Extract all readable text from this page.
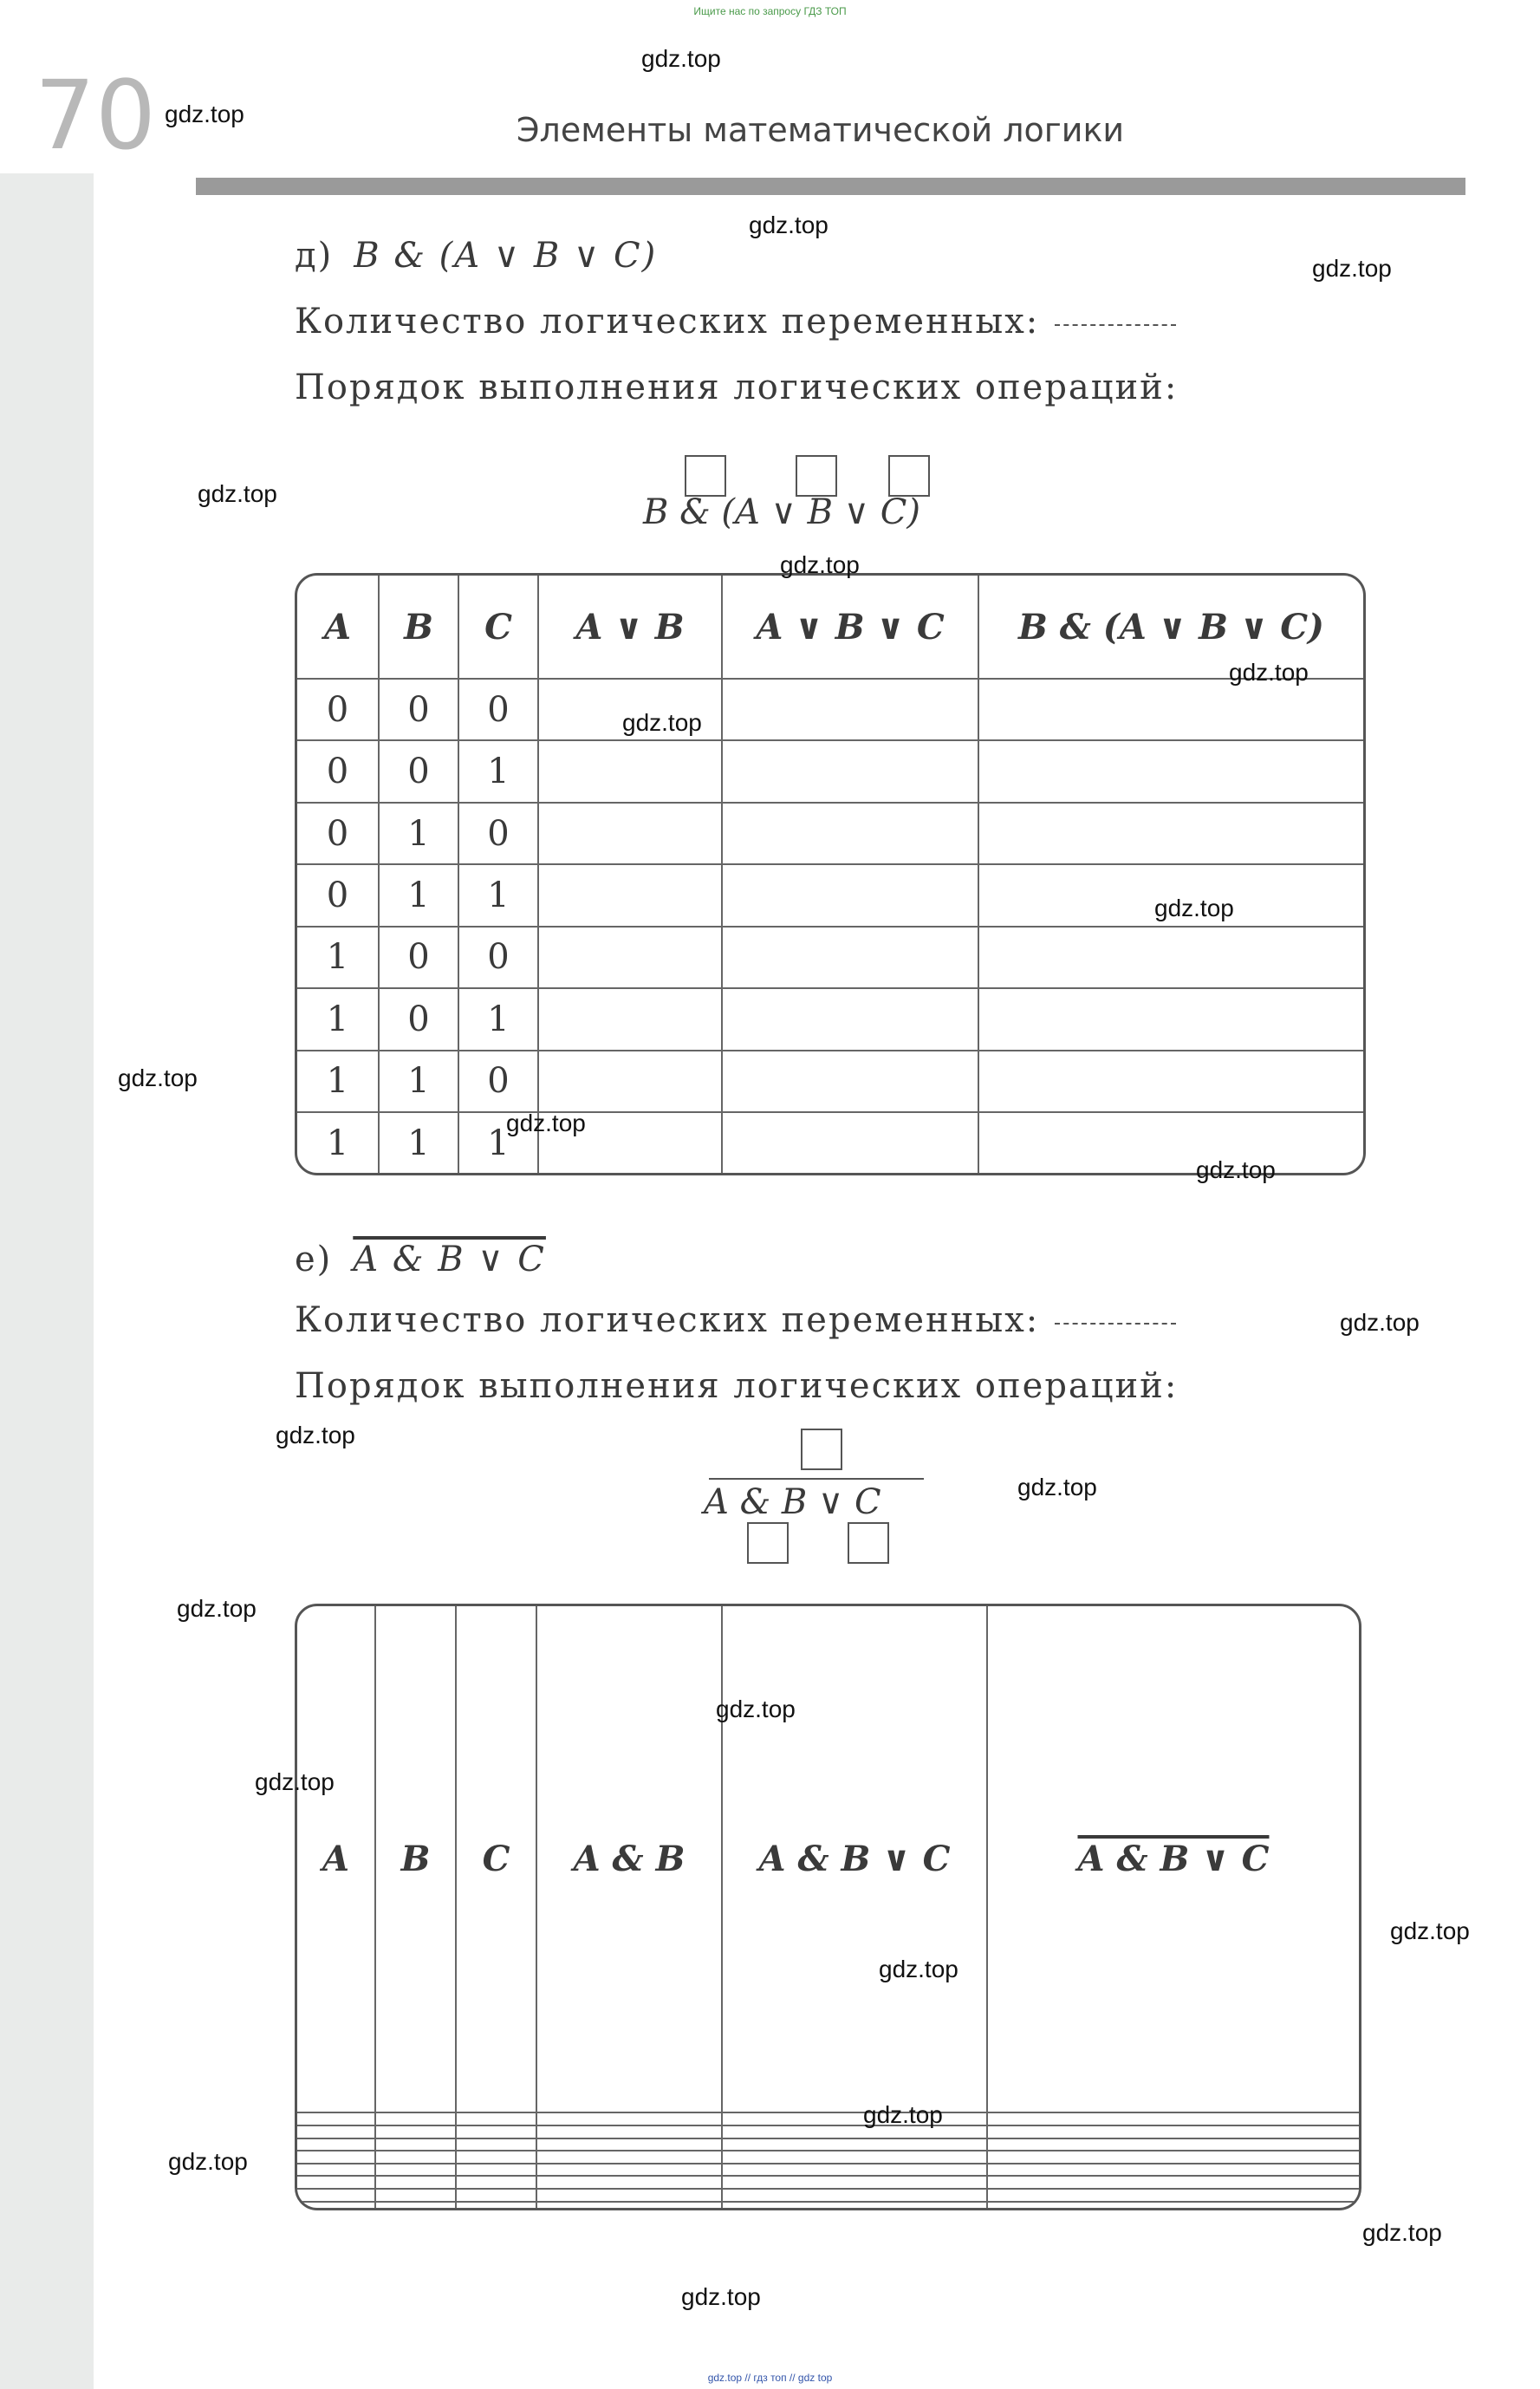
Ищите нас по запросу ГДЗ ТОП
70	Элементы математической логики
д) B & (A ∨ B ∨ C)
Количество логических переменных:
Порядок выполнения логических операций:
B & (A ∨ B ∨ C)
A	B	C	A ∨ B	A ∨ B ∨ C	B & (A ∨ B ∨ C)
0	0	0			
0	0	1			
0	1	0			
0	1	1			
1	0	0			
1	0	1			
1	1	0			
1	1	1			
е) A & B ∨ C
Количество логических переменных:
Порядок выполнения логических операций:
A & B ∨ C
A	B	C	A & B	A & B ∨ C	A & B ∨ C

gdz.top
gdz.top
gdz.top
gdz.top
gdz.top
gdz.top
gdz.top
gdz.top
gdz.top
gdz.top
gdz.top
gdz.top
gdz.top
gdz.top
gdz.top
gdz.top
gdz.top
gdz.top
gdz.top
gdz.top
gdz.top
gdz.top
gdz.top
gdz.top
gdz.top // гдз топ // gdz top
